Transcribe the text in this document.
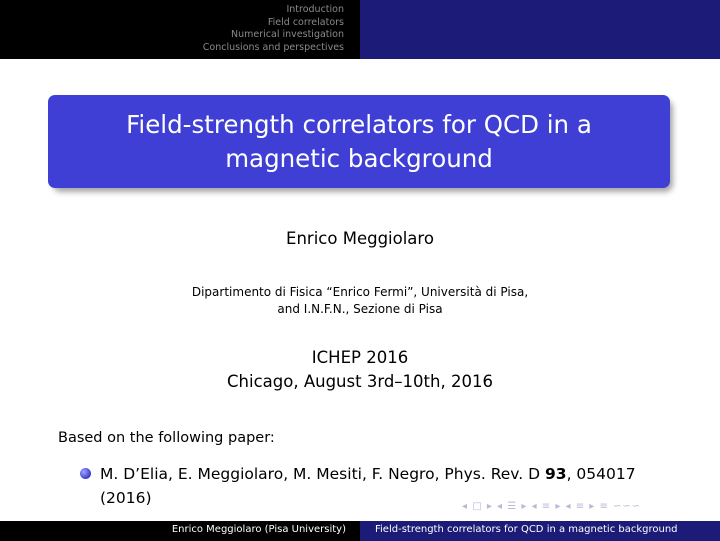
Introduction
Field correlators
Numerical investigation
Conclusions and perspectives
Field-strength correlators for QCD in a magnetic background
Enrico Meggiolaro
Dipartimento di Fisica “Enrico Fermi”, Università di Pisa,
and I.N.F.N., Sezione di Pisa
ICHEP 2016
Chicago, August 3rd–10th, 2016
Based on the following paper:
M. D’Elia, E. Meggiolaro, M. Mesiti, F. Negro, Phys. Rev. D 93, 054017 (2016)	◂ □ ▸ ◂ ☰ ▸ ◂ ≡ ▸ ◂ ≡ ▸ ≡ ∽∽∽
Enrico Meggiolaro (Pisa University)	Field-strength correlators for QCD in a magnetic background
